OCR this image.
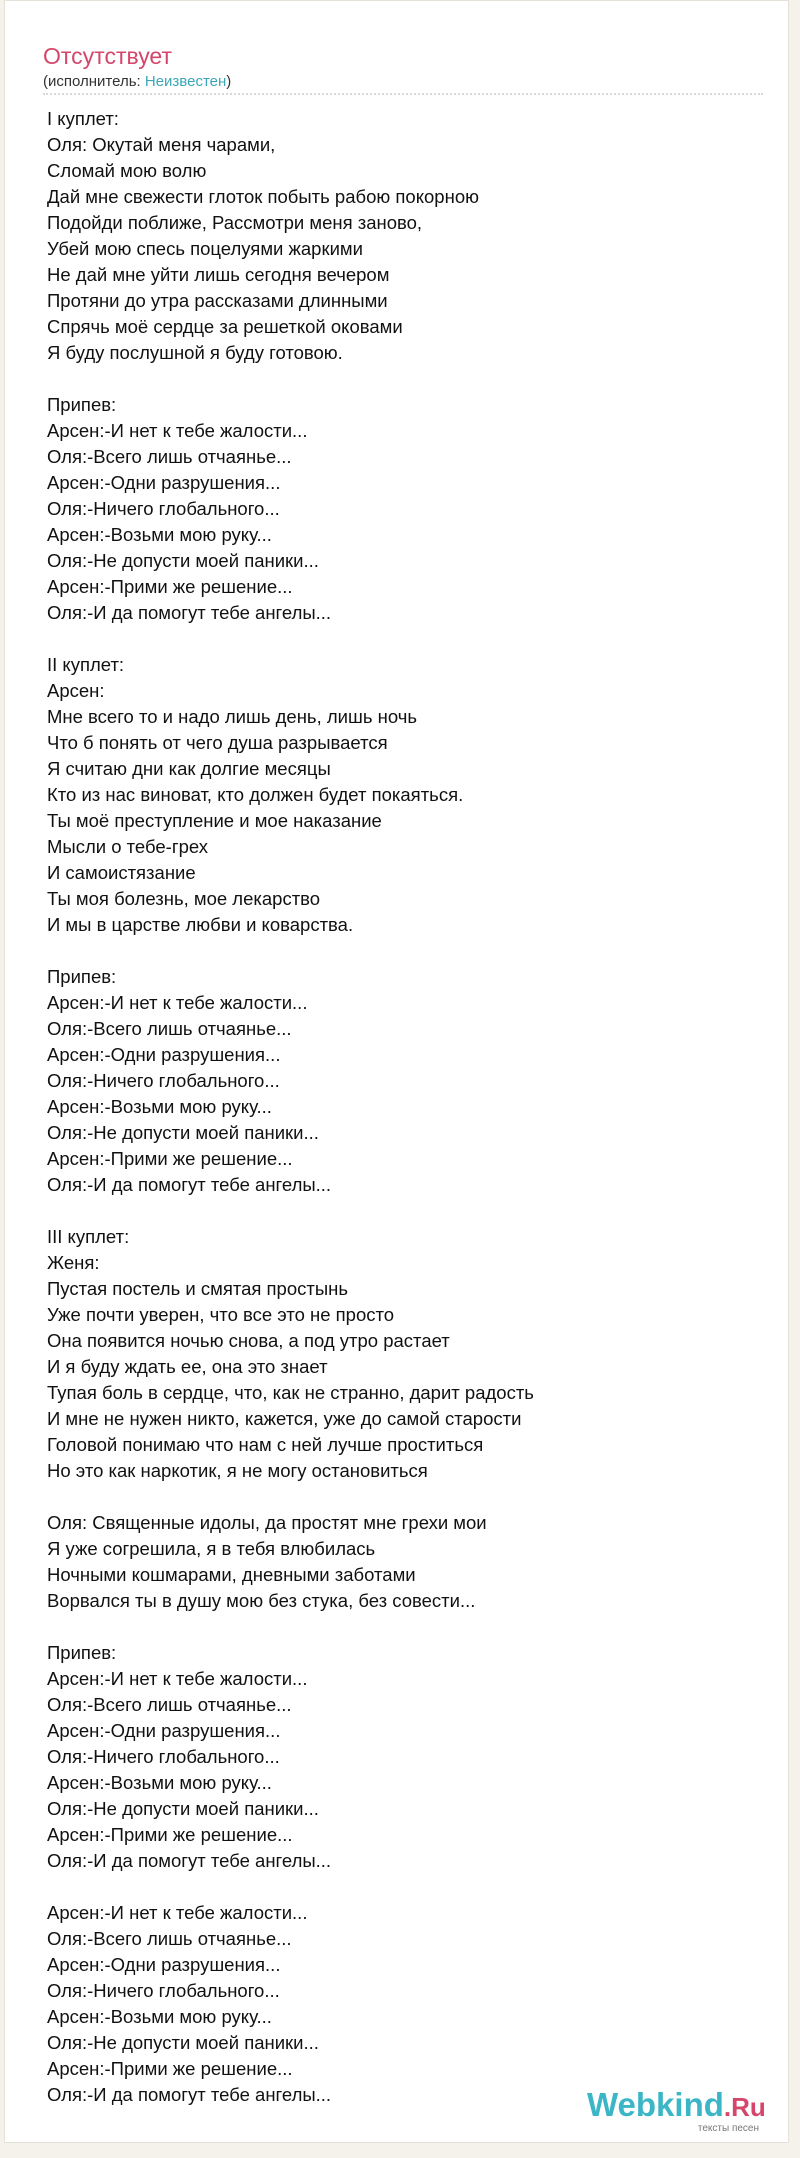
Отсутствует
(исполнитель: Неизвестен)
I куплет:
Оля: Окутай меня чарами,
Сломай мою волю
Дай мне свежести глоток побыть рабою покорною
Подойди поближе, Рассмотри меня заново,
Убей мою спесь поцелуями жаркими
Не дай мне уйти лишь сегодня вечером
Протяни до утра рассказами длинными
Спрячь моё сердце за решеткой оковами
Я буду послушной я буду готовою.
Припев:
Арсен:-И нет к тебе жалости...
Оля:-Всего лишь отчаянье...
Арсен:-Одни разрушения...
Оля:-Ничего глобального...
Арсен:-Возьми мою руку...
Оля:-Не допусти моей паники...
Арсен:-Прими же решение...
Оля:-И да помогут тебе ангелы...
II куплет:
Арсен:
Мне всего то и надо лишь день, лишь ночь
Что б понять от чего душа разрывается
Я считаю дни как долгие месяцы
Кто из нас виноват, кто должен будет покаяться.
Ты моё преступление и мое наказание
Мысли о тебе-грех
И самоистязание
Ты моя болезнь, мое лекарство
И мы в царстве любви и коварства.
Припев:
Арсен:-И нет к тебе жалости...
Оля:-Всего лишь отчаянье...
Арсен:-Одни разрушения...
Оля:-Ничего глобального...
Арсен:-Возьми мою руку...
Оля:-Не допусти моей паники...
Арсен:-Прими же решение...
Оля:-И да помогут тебе ангелы...
III куплет:
Женя:
Пустая постель и смятая простынь
Уже почти уверен, что все это не просто
Она появится ночью снова, а под утро растает
И я буду ждать ее, она это знает
Тупая боль в сердце, что, как не странно, дарит радость
И мне не нужен никто, кажется, уже до самой старости
Головой понимаю что нам с ней лучше проститься
Но это как наркотик, я не могу остановиться
Оля: Священные идолы, да простят мне грехи мои
Я уже согрешила, я в тебя влюбилась
Ночными кошмарами, дневными заботами
Ворвался ты в душу мою без стука, без совести...
Припев:
Арсен:-И нет к тебе жалости...
Оля:-Всего лишь отчаянье...
Арсен:-Одни разрушения...
Оля:-Ничего глобального...
Арсен:-Возьми мою руку...
Оля:-Не допусти моей паники...
Арсен:-Прими же решение...
Оля:-И да помогут тебе ангелы...
Арсен:-И нет к тебе жалости...
Оля:-Всего лишь отчаянье...
Арсен:-Одни разрушения...
Оля:-Ничего глобального...
Арсен:-Возьми мою руку...
Оля:-Не допусти моей паники...
Арсен:-Прими же решение...
Оля:-И да помогут тебе ангелы...	Webkind.Ru
тексты песен
